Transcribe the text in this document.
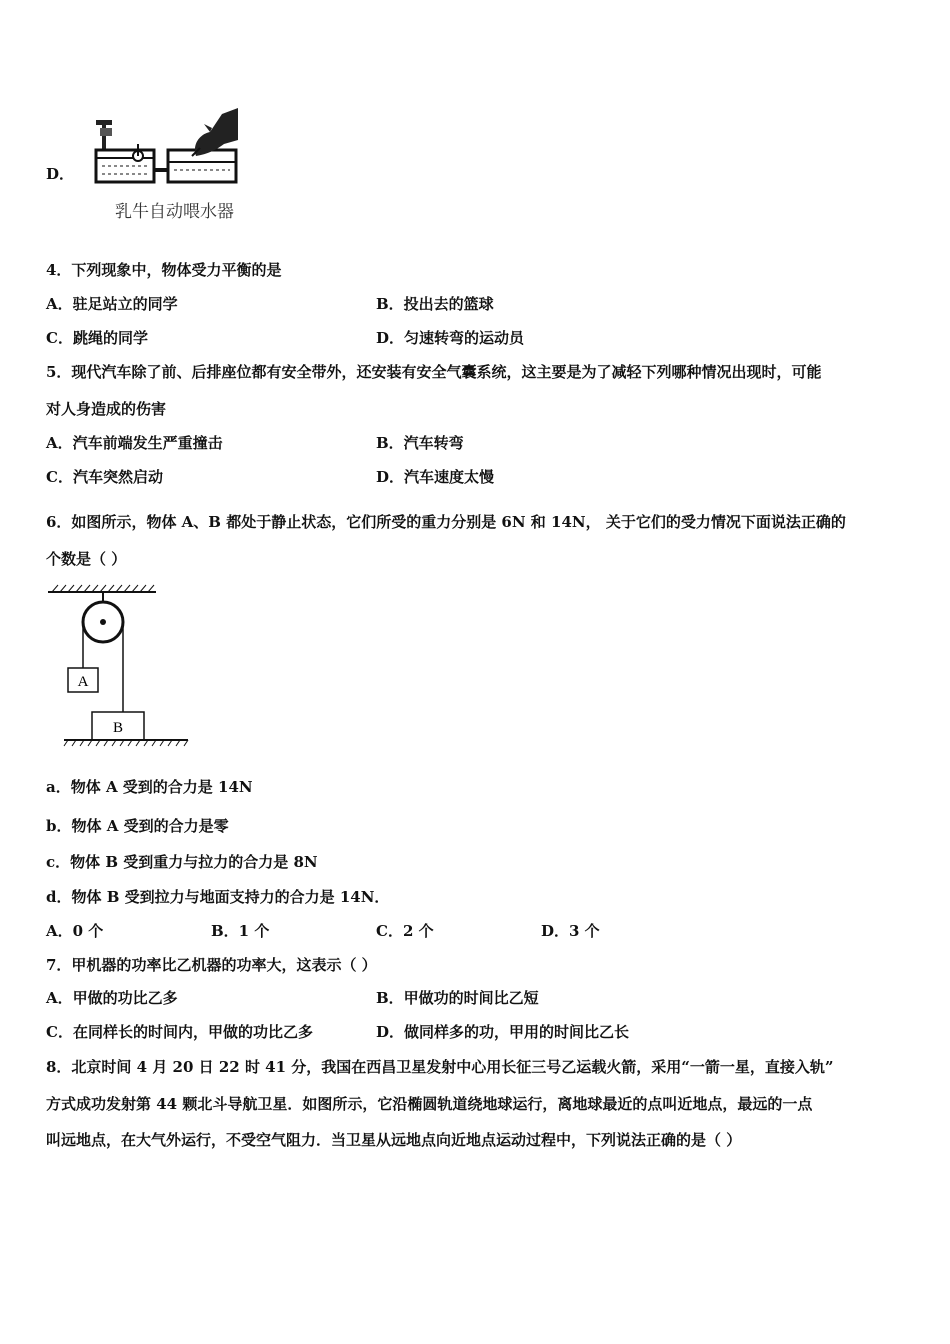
D．
乳牛自动喂水器
4．下列现象中，物体受力平衡的是
A．驻足站立的同学	B．投出去的篮球
C．跳绳的同学	D．匀速转弯的运动员
5．现代汽车除了前、后排座位都有安全带外，还安装有安全气囊系统，这主要是为了减轻下列哪种情况出现时，可能
对人身造成的伤害
A．汽车前端发生严重撞击	B．汽车转弯
C．汽车突然启动	D．汽车速度太慢
6．如图所示，物体 A、B 都处于静止状态，它们所受的重力分别是 6N 和 14N， 关于它们的受力情况下面说法正确的
个数是（ ）
A
B
a．物体 A 受到的合力是 14N
b．物体 A 受到的合力是零
c．物体 B 受到重力与拉力的合力是 8N
d．物体 B 受到拉力与地面支持力的合力是 14N．
A．0 个	B．1 个	C．2 个	D．3 个
7．甲机器的功率比乙机器的功率大，这表示（ ）
A．甲做的功比乙多	B．甲做功的时间比乙短
C．在同样长的时间内，甲做的功比乙多	D．做同样多的功，甲用的时间比乙长
8．北京时间 4 月 20 日 22 时 41 分，我国在西昌卫星发射中心用长征三号乙运载火箭，采用“一箭一星，直接入轨”
方式成功发射第 44 颗北斗导航卫星．如图所示，它沿椭圆轨道绕地球运行，离地球最近的点叫近地点，最远的一点
叫远地点，在大气外运行，不受空气阻力．当卫星从远地点向近地点运动过程中，下列说法正确的是（ ）
